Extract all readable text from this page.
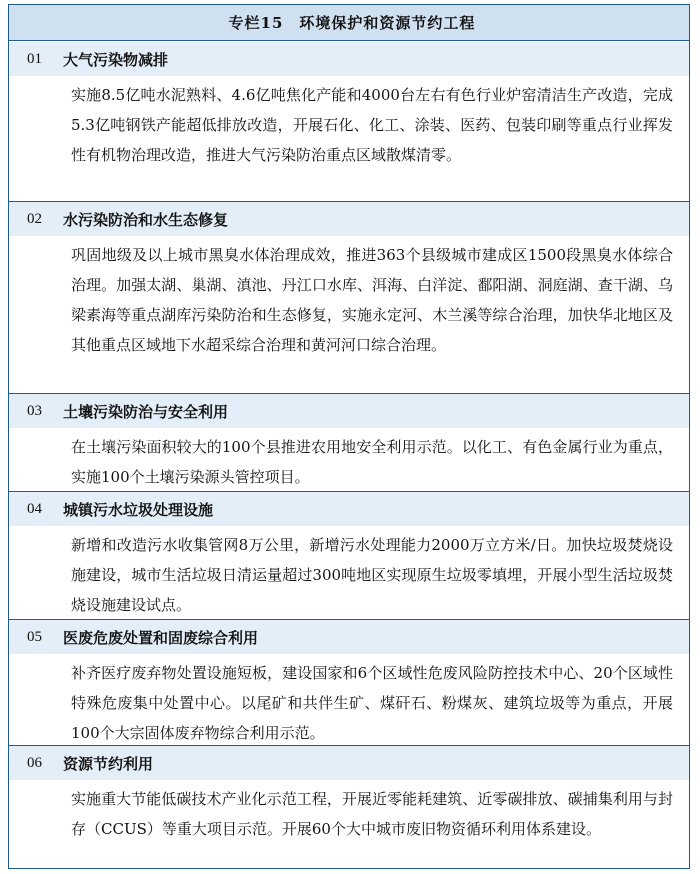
专栏15 环境保护和资源节约工程
01	大气污染物减排
实施8.5亿吨水泥熟料、4.6亿吨焦化产能和4000台左右有色行业炉窑清洁生产改造，完成5.3亿吨钢铁产能超低排放改造，开展石化、化工、涂装、医药、包装印刷等重点行业挥发性有机物治理改造，推进大气污染防治重点区域散煤清零。
02	水污染防治和水生态修复
巩固地级及以上城市黑臭水体治理成效，推进363个县级城市建成区1500段黑臭水体综合治理。加强太湖、巢湖、滇池、丹江口水库、洱海、白洋淀、鄱阳湖、洞庭湖、查干湖、乌梁素海等重点湖库污染防治和生态修复，实施永定河、木兰溪等综合治理，加快华北地区及其他重点区域地下水超采综合治理和黄河河口综合治理。
03	土壤污染防治与安全利用
在土壤污染面积较大的100个县推进农用地安全利用示范。以化工、有色金属行业为重点，实施100个土壤污染源头管控项目。
04	城镇污水垃圾处理设施
新增和改造污水收集管网8万公里，新增污水处理能力2000万立方米/日。加快垃圾焚烧设施建设，城市生活垃圾日清运量超过300吨地区实现原生垃圾零填埋，开展小型生活垃圾焚烧设施建设试点。
05	医废危废处置和固废综合利用
补齐医疗废弃物处置设施短板，建设国家和6个区域性危废风险防控技术中心、20个区域性特殊危废集中处置中心。以尾矿和共伴生矿、煤矸石、粉煤灰、建筑垃圾等为重点，开展100个大宗固体废弃物综合利用示范。
06	资源节约利用
实施重大节能低碳技术产业化示范工程，开展近零能耗建筑、近零碳排放、碳捕集利用与封存（CCUS）等重大项目示范。开展60个大中城市废旧物资循环利用体系建设。
